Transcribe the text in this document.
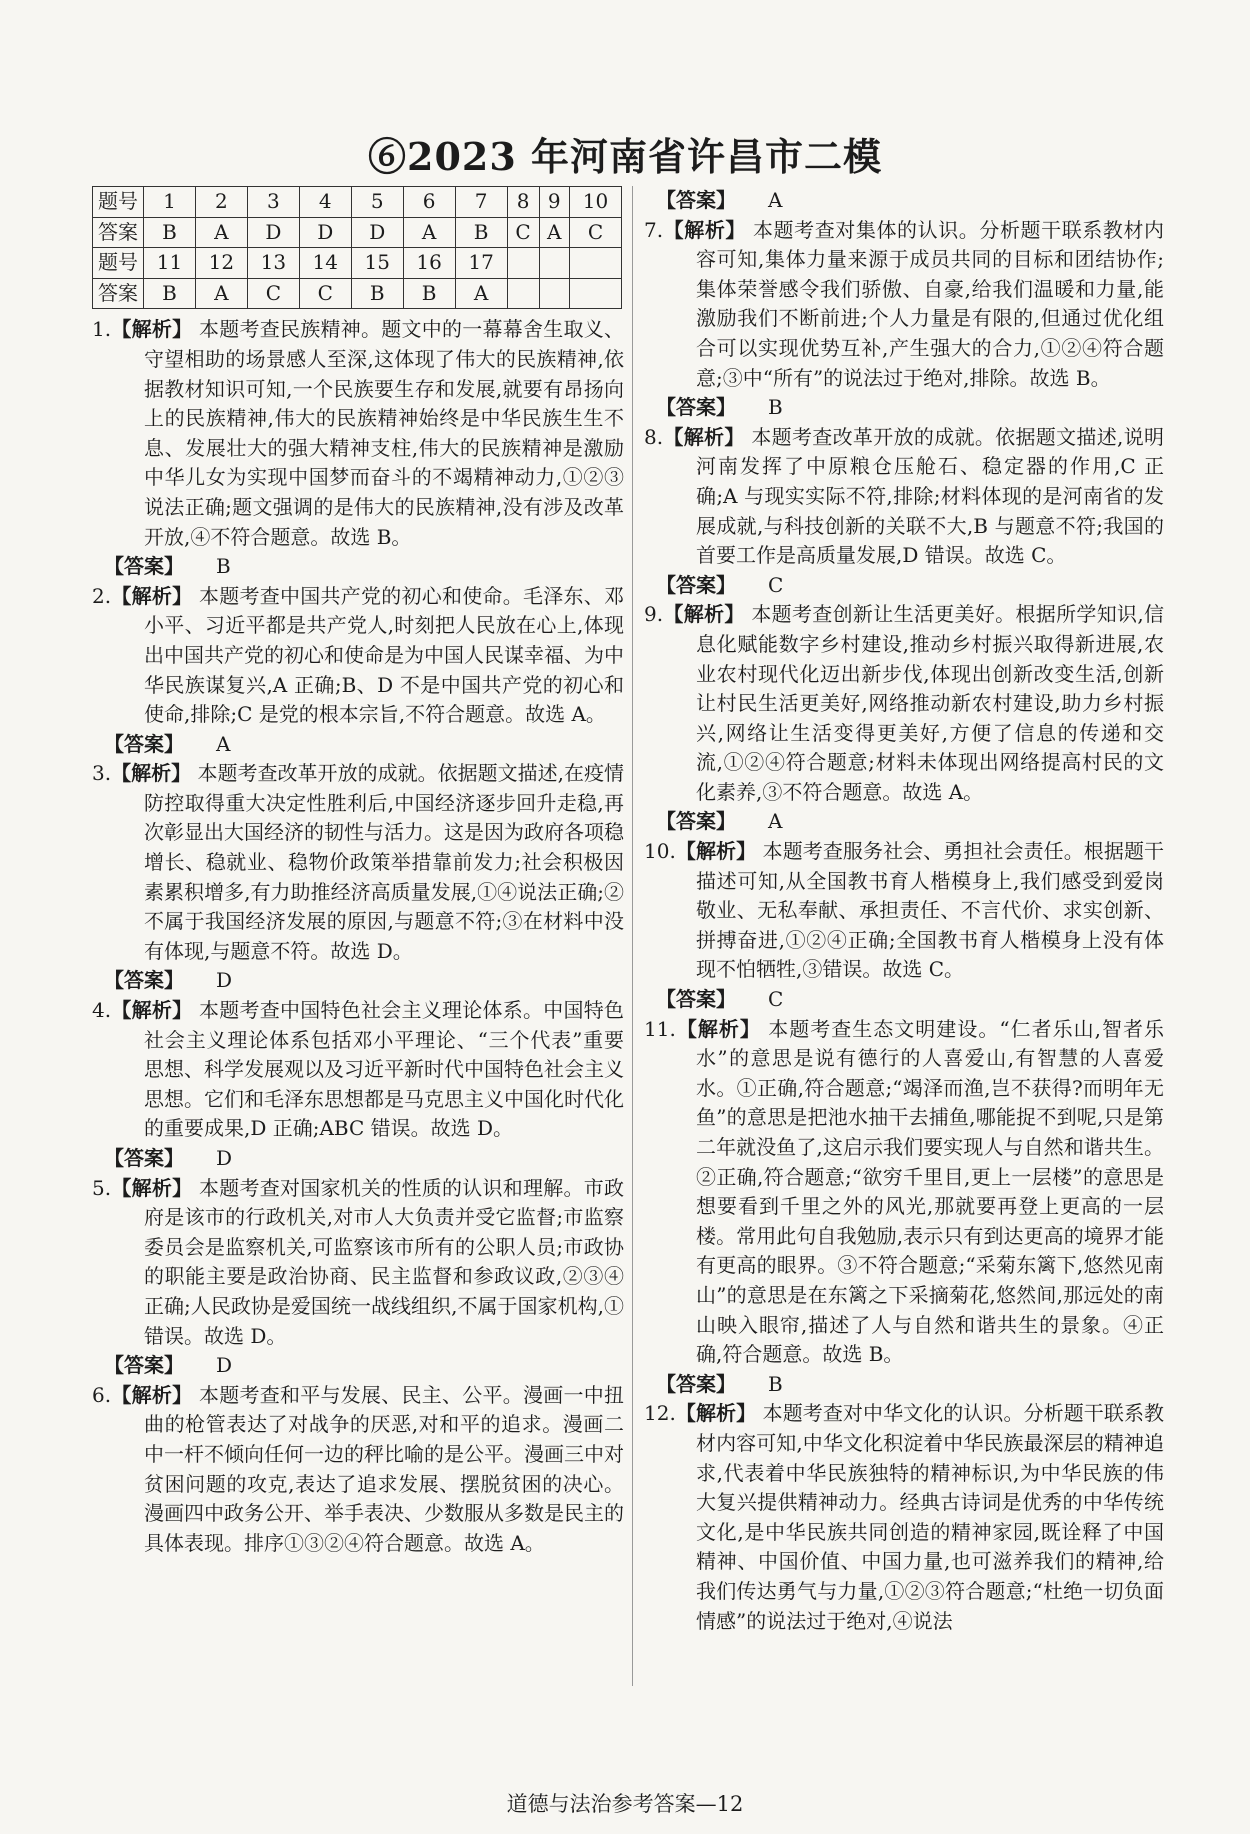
⑥2023 年河南省许昌市二模
题号	1	2	3	4	5	6	7	8	9	10
答案	B	A	D	D	D	A	B	C	A	C
题号	11	12	13	14	15	16	17			
答案	B	A	C	C	B	B	A			

1.【解析】 本题考查民族精神。题文中的一幕幕舍生取义、守望相助的场景感人至深,这体现了伟大的民族精神,依据教材知识可知,一个民族要生存和发展,就要有昂扬向上的民族精神,伟大的民族精神始终是中华民族生生不息、发展壮大的强大精神支柱,伟大的民族精神是激励中华儿女为实现中国梦而奋斗的不竭精神动力,①②③说法正确;题文强调的是伟大的民族精神,没有涉及改革开放,④不符合题意。故选 B。

【答案】 B

2.【解析】 本题考查中国共产党的初心和使命。毛泽东、邓小平、习近平都是共产党人,时刻把人民放在心上,体现出中国共产党的初心和使命是为中国人民谋幸福、为中华民族谋复兴,A 正确;B、D 不是中国共产党的初心和使命,排除;C 是党的根本宗旨,不符合题意。故选 A。

【答案】 A

3.【解析】 本题考查改革开放的成就。依据题文描述,在疫情防控取得重大决定性胜利后,中国经济逐步回升走稳,再次彰显出大国经济的韧性与活力。这是因为政府各项稳增长、稳就业、稳物价政策举措靠前发力;社会积极因素累积增多,有力助推经济高质量发展,①④说法正确;②不属于我国经济发展的原因,与题意不符;③在材料中没有体现,与题意不符。故选 D。

【答案】 D

4.【解析】 本题考查中国特色社会主义理论体系。中国特色社会主义理论体系包括邓小平理论、“三个代表”重要思想、科学发展观以及习近平新时代中国特色社会主义思想。它们和毛泽东思想都是马克思主义中国化时代化的重要成果,D 正确;ABC 错误。故选 D。

【答案】 D

5.【解析】 本题考查对国家机关的性质的认识和理解。市政府是该市的行政机关,对市人大负责并受它监督;市监察委员会是监察机关,可监察该市所有的公职人员;市政协的职能主要是政治协商、民主监督和参政议政,②③④正确;人民政协是爱国统一战线组织,不属于国家机构,①错误。故选 D。

【答案】 D

6.【解析】 本题考查和平与发展、民主、公平。漫画一中扭曲的枪管表达了对战争的厌恶,对和平的追求。漫画二中一杆不倾向任何一边的秤比喻的是公平。漫画三中对贫困问题的攻克,表达了追求发展、摆脱贫困的决心。漫画四中政务公开、举手表决、少数服从多数是民主的具体表现。排序①③②④符合题意。故选 A。

【答案】 A

7.【解析】 本题考查对集体的认识。分析题干联系教材内容可知,集体力量来源于成员共同的目标和团结协作;集体荣誉感令我们骄傲、自豪,给我们温暖和力量,能激励我们不断前进;个人力量是有限的,但通过优化组合可以实现优势互补,产生强大的合力,①②④符合题意;③中“所有”的说法过于绝对,排除。故选 B。

【答案】 B

8.【解析】 本题考查改革开放的成就。依据题文描述,说明河南发挥了中原粮仓压舱石、稳定器的作用,C 正确;A 与现实实际不符,排除;材料体现的是河南省的发展成就,与科技创新的关联不大,B 与题意不符;我国的首要工作是高质量发展,D 错误。故选 C。

【答案】 C

9.【解析】 本题考查创新让生活更美好。根据所学知识,信息化赋能数字乡村建设,推动乡村振兴取得新进展,农业农村现代化迈出新步伐,体现出创新改变生活,创新让村民生活更美好,网络推动新农村建设,助力乡村振兴,网络让生活变得更美好,方便了信息的传递和交流,①②④符合题意;材料未体现出网络提高村民的文化素养,③不符合题意。故选 A。

【答案】 A

10.【解析】 本题考查服务社会、勇担社会责任。根据题干描述可知,从全国教书育人楷模身上,我们感受到爱岗敬业、无私奉献、承担责任、不言代价、求实创新、拼搏奋进,①②④正确;全国教书育人楷模身上没有体现不怕牺牲,③错误。故选 C。

【答案】 C

11.【解析】 本题考查生态文明建设。“仁者乐山,智者乐水”的意思是说有德行的人喜爱山,有智慧的人喜爱水。①正确,符合题意;“竭泽而渔,岂不获得?而明年无鱼”的意思是把池水抽干去捕鱼,哪能捉不到呢,只是第二年就没鱼了,这启示我们要实现人与自然和谐共生。②正确,符合题意;“欲穷千里目,更上一层楼”的意思是想要看到千里之外的风光,那就要再登上更高的一层楼。常用此句自我勉励,表示只有到达更高的境界才能有更高的眼界。③不符合题意;“采菊东篱下,悠然见南山”的意思是在东篱之下采摘菊花,悠然间,那远处的南山映入眼帘,描述了人与自然和谐共生的景象。④正确,符合题意。故选 B。

【答案】 B

12.【解析】 本题考查对中华文化的认识。分析题干联系教材内容可知,中华文化积淀着中华民族最深层的精神追求,代表着中华民族独特的精神标识,为中华民族的伟大复兴提供精神动力。经典古诗词是优秀的中华传统文化,是中华民族共同创造的精神家园,既诠释了中国精神、中国价值、中国力量,也可滋养我们的精神,给我们传达勇气与力量,①②③符合题意;“杜绝一切负面情感”的说法过于绝对,④说法

道德与法治参考答案—12
